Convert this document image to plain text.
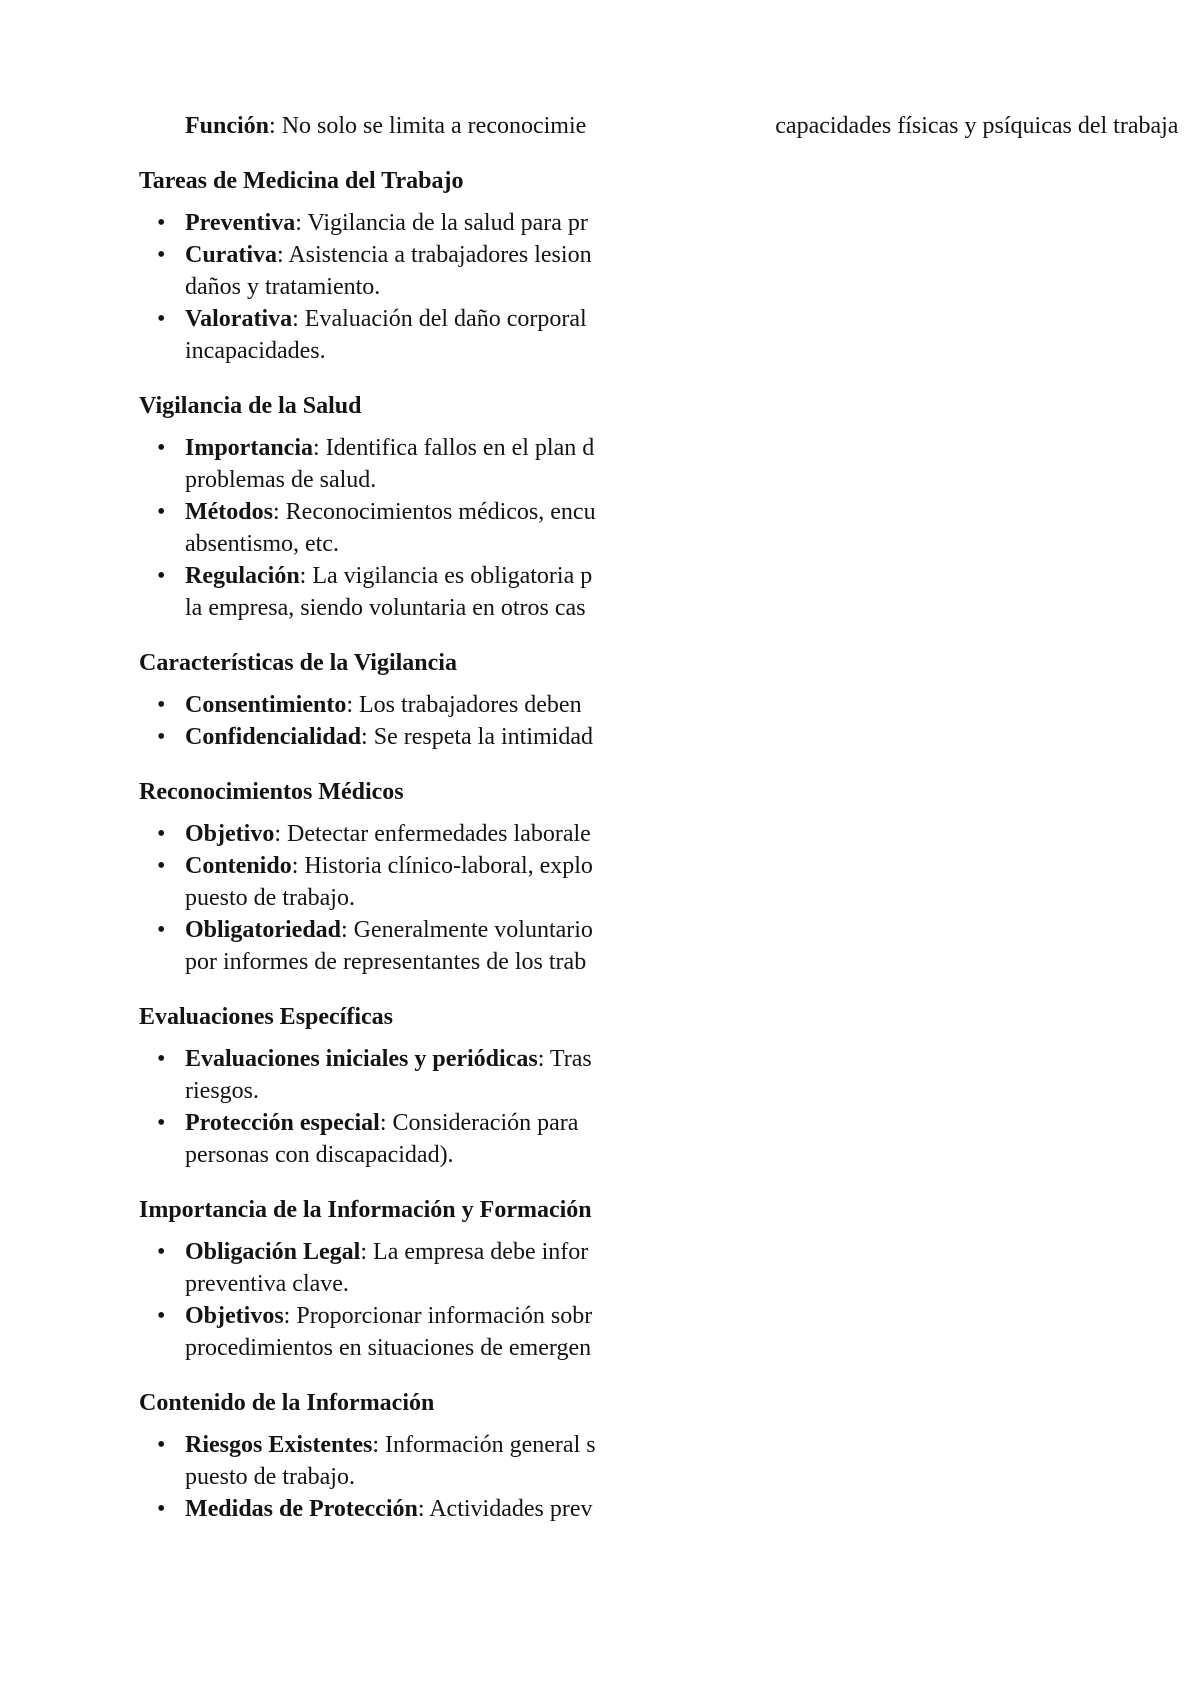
Función: No solo se limita a reconocimie	capacidades físicas y psíquicas del trabaja

Tareas de Medicina del Trabajo
• Preventiva: Vigilancia de la salud para pr
• Curativa: Asistencia a trabajadores lesion
daños y tratamiento.
• Valorativa: Evaluación del daño corporal
incapacidades.
Vigilancia de la Salud
• Importancia: Identifica fallos en el plan d
problemas de salud.
• Métodos: Reconocimientos médicos, encu
absentismo, etc.
• Regulación: La vigilancia es obligatoria p
la empresa, siendo voluntaria en otros cas
Características de la Vigilancia
• Consentimiento: Los trabajadores deben
• Confidencialidad: Se respeta la intimidad
Reconocimientos Médicos
• Objetivo: Detectar enfermedades laborale
• Contenido: Historia clínico-laboral, explo
puesto de trabajo.
• Obligatoriedad: Generalmente voluntario
por informes de representantes de los trab
Evaluaciones Específicas
• Evaluaciones iniciales y periódicas: Tras
riesgos.
• Protección especial: Consideración para
personas con discapacidad).
Importancia de la Información y Formación
• Obligación Legal: La empresa debe infor
preventiva clave.
• Objetivos: Proporcionar información sobr
procedimientos en situaciones de emergen
Contenido de la Información
• Riesgos Existentes: Información general s
puesto de trabajo.
• Medidas de Protección: Actividades prev
